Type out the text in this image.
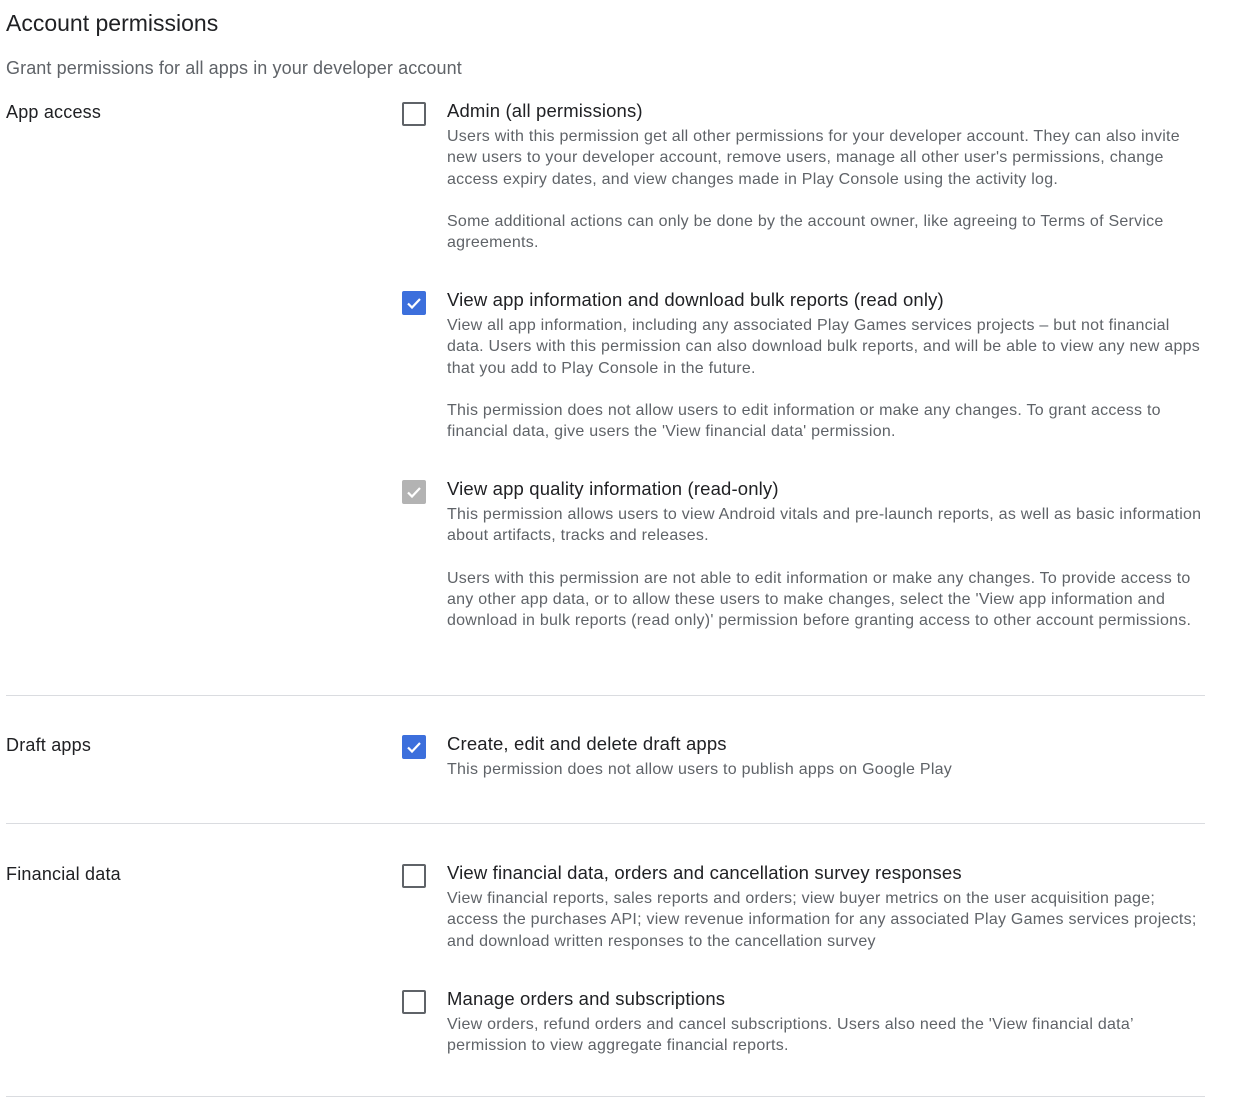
Account permissions
Grant permissions for all apps in your developer account
App access	Admin (all permissions)

Users with this permission get all other permissions for your developer account. They can also invite new users to your developer account, remove users, manage all other user's permissions, change access expiry dates, and view changes made in Play Console using the activity log.

Some additional actions can only be done by the account owner, like agreeing to Terms of Service agreements.

View app information and download bulk reports (read only)

View all app information, including any associated Play Games services projects – but not financial data. Users with this permission can also download bulk reports, and will be able to view any new apps that you add to Play Console in the future.

This permission does not allow users to edit information or make any changes. To grant access to financial data, give users the 'View financial data' permission.

View app quality information (read-only)

This permission allows users to view Android vitals and pre-launch reports, as well as basic information about artifacts, tracks and releases.

Users with this permission are not able to edit information or make any changes. To provide access to any other app data, or to allow these users to make changes, select the 'View app information and download in bulk reports (read only)' permission before granting access to other account permissions.

Draft apps	Create, edit and delete draft apps

This permission does not allow users to publish apps on Google Play

Financial data	View financial data, orders and cancellation survey responses

View financial reports, sales reports and orders; view buyer metrics on the user acquisition page; access the purchases API; view revenue information for any associated Play Games services projects; and download written responses to the cancellation survey

Manage orders and subscriptions

View orders, refund orders and cancel subscriptions. Users also need the 'View financial data’ permission to view aggregate financial reports.
